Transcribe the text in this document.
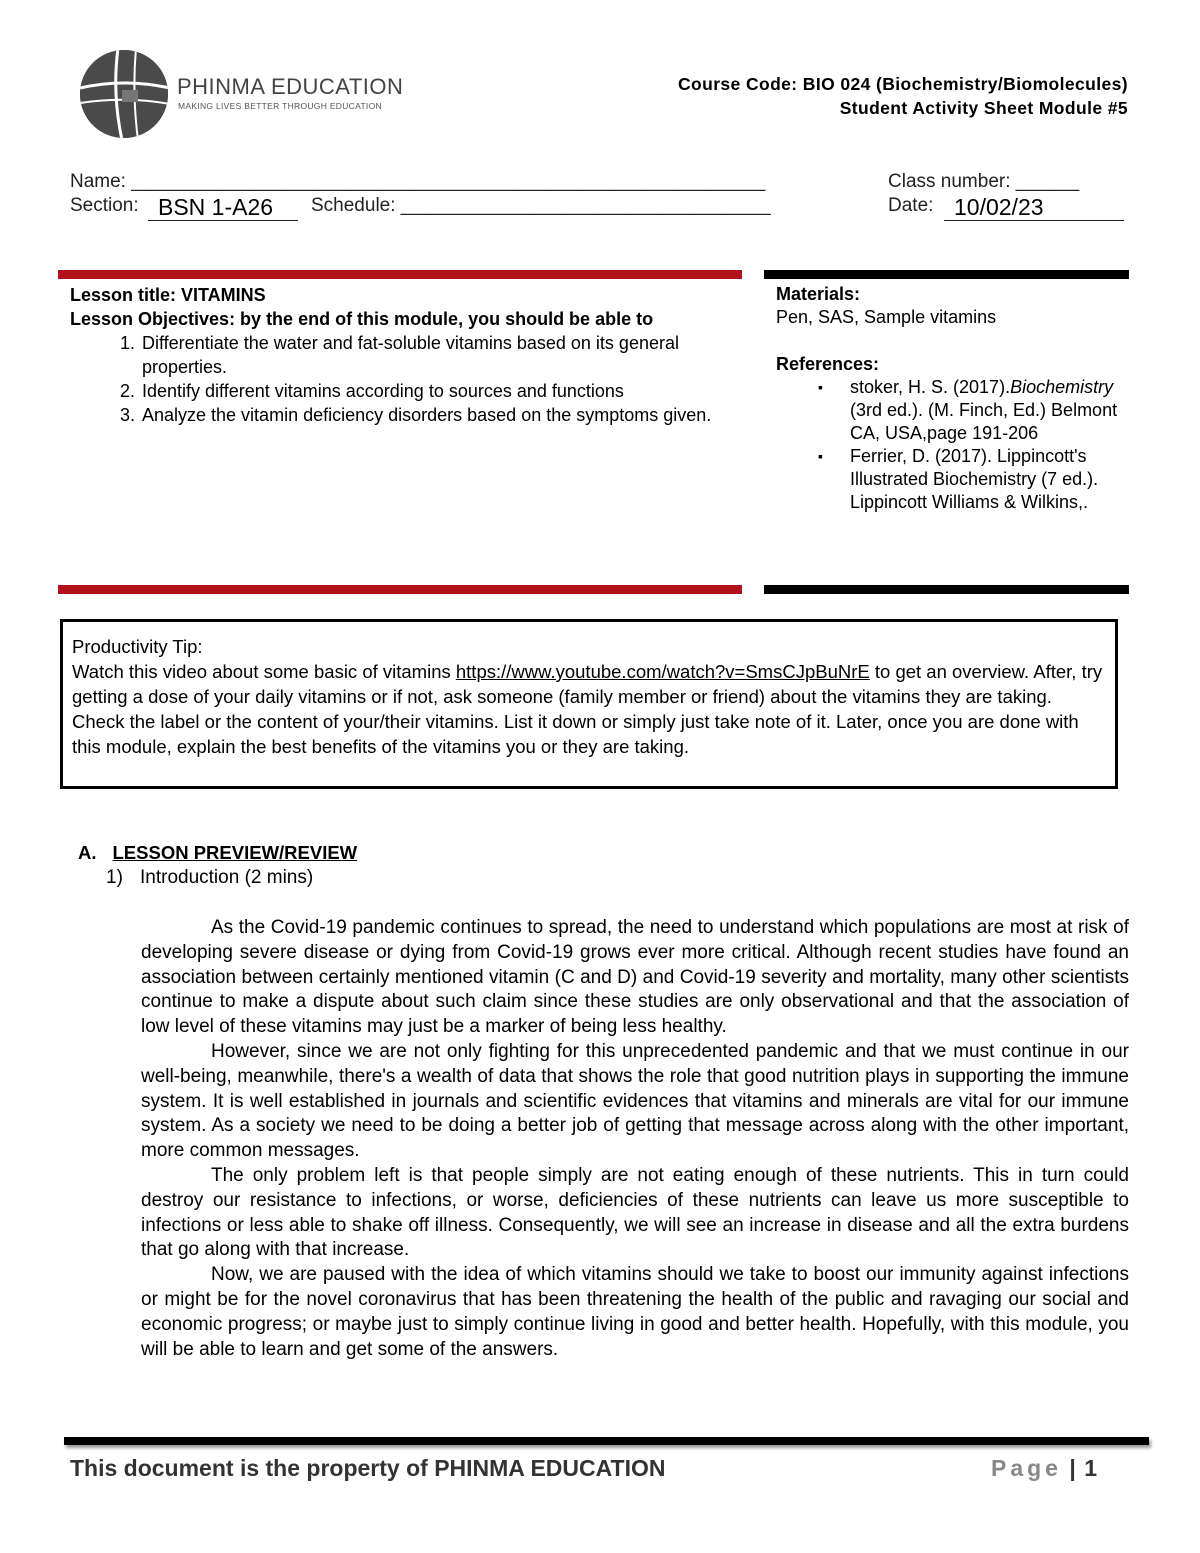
PHINMA EDUCATION
MAKING LIVES BETTER THROUGH EDUCATION
Course Code: BIO 024 (Biochemistry/Biomolecules)
Student Activity Sheet Module #5
Name: ____________________________________________________________	Class number: ______
Section: BSN 1-A26 Schedule: ___________________________________	Date: 10/02/23
Lesson title: VITAMINS
Lesson Objectives: by the end of this module, you should be able to
1. Differentiate the water and fat-soluble vitamins based on its general properties.
2. Identify different vitamins according to sources and functions
3. Analyze the vitamin deficiency disorders based on the symptoms given.
Materials:
Pen, SAS, Sample vitamins
References:
▪ stoker, H. S. (2017).Biochemistry (3rd ed.). (M. Finch, Ed.) Belmont CA, USA,page 191-206
▪ Ferrier, D. (2017). Lippincott's Illustrated Biochemistry (7 ed.). Lippincott Williams & Wilkins,.
Productivity Tip:
Watch this video about some basic of vitamins https://www.youtube.com/watch?v=SmsCJpBuNrE to get an overview. After, try getting a dose of your daily vitamins or if not, ask someone (family member or friend) about the vitamins they are taking. Check the label or the content of your/their vitamins. List it down or simply just take note of it. Later, once you are done with this module, explain the best benefits of the vitamins you or they are taking.
A. LESSON PREVIEW/REVIEW
1) Introduction (2 mins)

As the Covid-19 pandemic continues to spread, the need to understand which populations are most at risk of developing severe disease or dying from Covid-19 grows ever more critical. Although recent studies have found an association between certainly mentioned vitamin (C and D) and Covid-19 severity and mortality, many other scientists continue to make a dispute about such claim since these studies are only observational and that the association of low level of these vitamins may just be a marker of being less healthy.

However, since we are not only fighting for this unprecedented pandemic and that we must continue in our well-being, meanwhile, there's a wealth of data that shows the role that good nutrition plays in supporting the immune system. It is well established in journals and scientific evidences that vitamins and minerals are vital for our immune system. As a society we need to be doing a better job of getting that message across along with the other important, more common messages.

The only problem left is that people simply are not eating enough of these nutrients. This in turn could destroy our resistance to infections, or worse, deficiencies of these nutrients can leave us more susceptible to infections or less able to shake off illness. Consequently, we will see an increase in disease and all the extra burdens that go along with that increase.

Now, we are paused with the idea of which vitamins should we take to boost our immunity against infections or might be for the novel coronavirus that has been threatening the health of the public and ravaging our social and economic progress; or maybe just to simply continue living in good and better health. Hopefully, with this module, you will be able to learn and get some of the answers.

This document is the property of PHINMA EDUCATION	Page | 1
